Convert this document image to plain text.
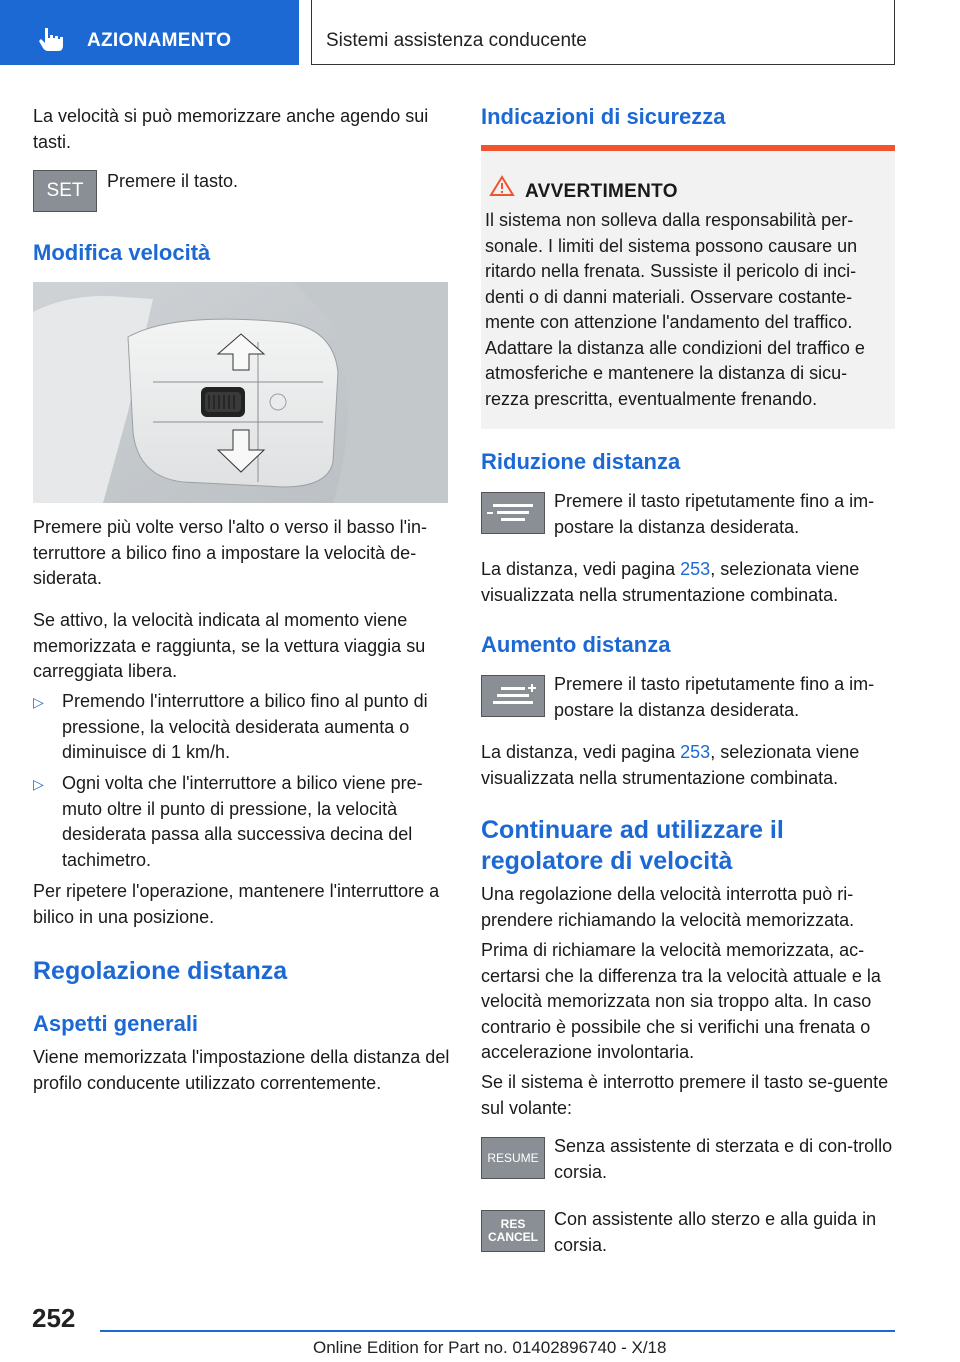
AZIONAMENTO	Sistemi assistenza conducente

La velocità si può memorizzare anche agendo sui tasti.

SET Premere il tasto.

Modifica velocità

Premere più volte verso l'alto o verso il basso l'in-terruttore a bilico fino a impostare la velocità de-siderata.

Se attivo, la velocità indicata al momento viene memorizzata e raggiunta, se la vettura viaggia su carreggiata libera.

▷ Premendo l'interruttore a bilico fino al punto di pressione, la velocità desiderata aumenta o diminuisce di 1 km/h.

▷ Ogni volta che l'interruttore a bilico viene pre-muto oltre il punto di pressione, la velocità desiderata passa alla successiva decina del tachimetro.

Per ripetere l'operazione, mantenere l'interruttore a bilico in una posizione.

Regolazione distanza
Aspetti generali

Viene memorizzata l'impostazione della distanza del profilo conducente utilizzato correntemente.

Indicazioni di sicurezza
AVVERTIMENTO

Il sistema non solleva dalla responsabilità per-sonale. I limiti del sistema possono causare un ritardo nella frenata. Sussiste il pericolo di inci-denti o di danni materiali. Osservare costante-mente con attenzione l'andamento del traffico. Adattare la distanza alle condizioni del traffico e atmosferiche e mantenere la distanza di sicu-rezza prescritta, eventualmente frenando.

Riduzione distanza

Premere il tasto ripetutamente fino a im-postare la distanza desiderata.

La distanza, vedi pagina 253, selezionata viene visualizzata nella strumentazione combinata.

Aumento distanza

Premere il tasto ripetutamente fino a im-postare la distanza desiderata.

La distanza, vedi pagina 253, selezionata viene visualizzata nella strumentazione combinata.

Continuare ad utilizzare il
regolatore di velocità

Una regolazione della velocità interrotta può ri-prendere richiamando la velocità memorizzata.

Prima di richiamare la velocità memorizzata, ac-certarsi che la differenza tra la velocità attuale e la velocità memorizzata non sia troppo alta. In caso contrario è possibile che si verifichi una frenata o accelerazione involontaria.

Se il sistema è interrotto premere il tasto se-guente sul volante:

RESUME

Senza assistente di sterzata e di con-trollo corsia.

RES
CANCEL

Con assistente allo sterzo e alla guida in corsia.

252
Online Edition for Part no. 01402896740 - X/18
